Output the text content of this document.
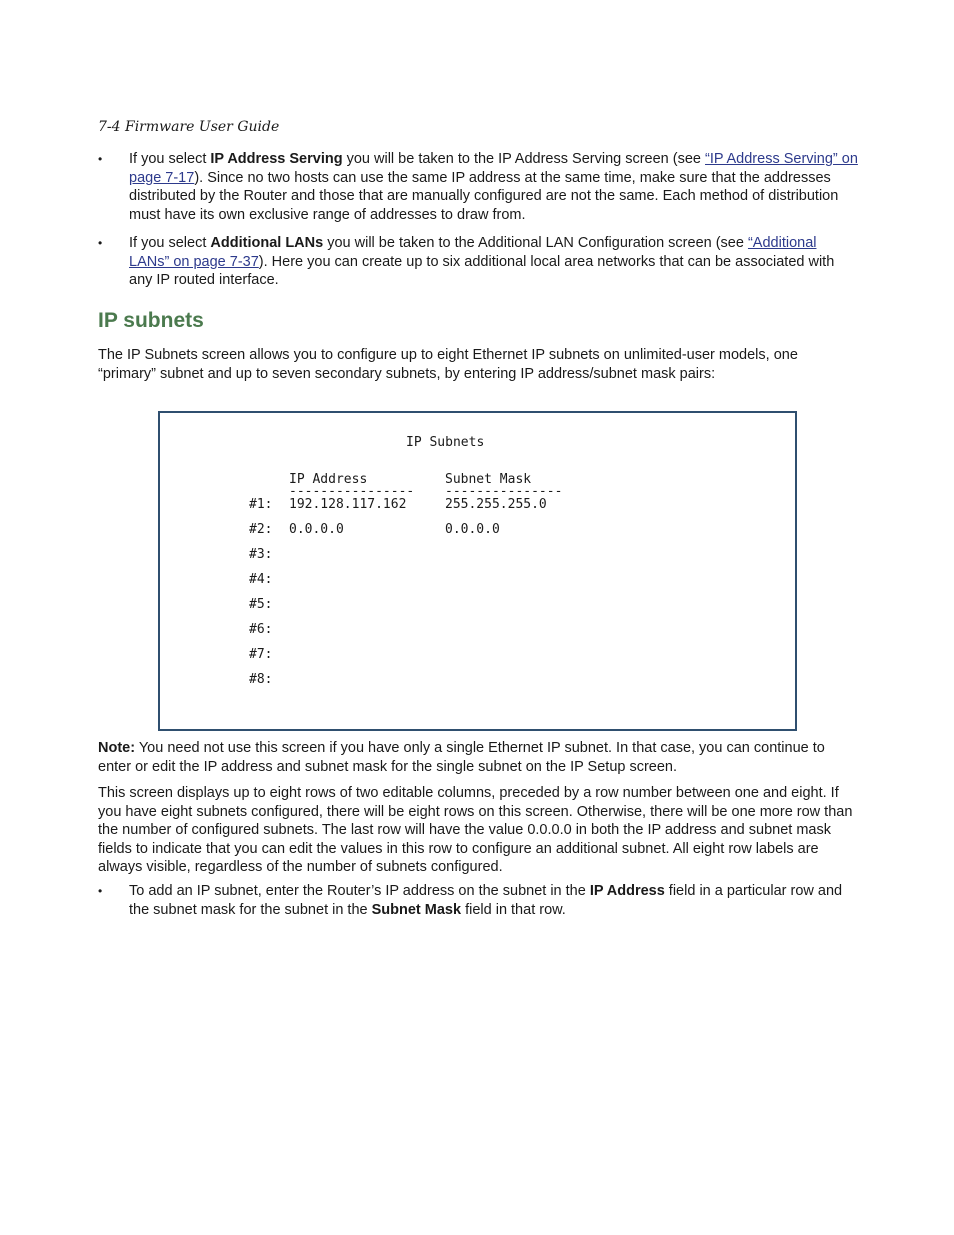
7-4 Firmware User Guide
• If you select IP Address Serving you will be taken to the IP Address Serving screen (see “IP Address Serving” on page 7-17). Since no two hosts can use the same IP address at the same time, make sure that the addresses distributed by the Router and those that are manually configured are not the same. Each method of distribution must have its own exclusive range of addresses to draw from.
• If you select Additional LANs you will be taken to the Additional LAN Configuration screen (see “Additional LANs” on page 7-37). Here you can create up to six additional local area networks that can be associated with any IP routed interface.
IP subnets

The IP Subnets screen allows you to configure up to eight Ethernet IP subnets on unlimited-user models, one “primary” subnet and up to seven secondary subnets, by entering IP address/subnet mask pairs:

Note: You need not use this screen if you have only a single Ethernet IP subnet. In that case, you can continue to enter or edit the IP address and subnet mask for the single subnet on the IP Setup screen.

This screen displays up to eight rows of two editable columns, preceded by a row number between one and eight. If you have eight subnets configured, there will be eight rows on this screen. Otherwise, there will be one more row than the number of configured subnets. The last row will have the value 0.0.0.0 in both the IP address and subnet mask fields to indicate that you can edit the values in this row to configure an additional subnet. All eight row labels are always visible, regardless of the number of subnets configured.

• To add an IP subnet, enter the Router’s IP address on the subnet in the IP Address field in a particular row and the subnet mask for the subnet in the Subnet Mask field in that row.
IP Subnets
IP Address	Subnet Mask
---------------- ---------------
#1: 192.128.117.162	255.255.255.0
#2: 0.0.0.0	0.0.0.0
#3:
#4:
#5:
#6:
#7:
#8:
